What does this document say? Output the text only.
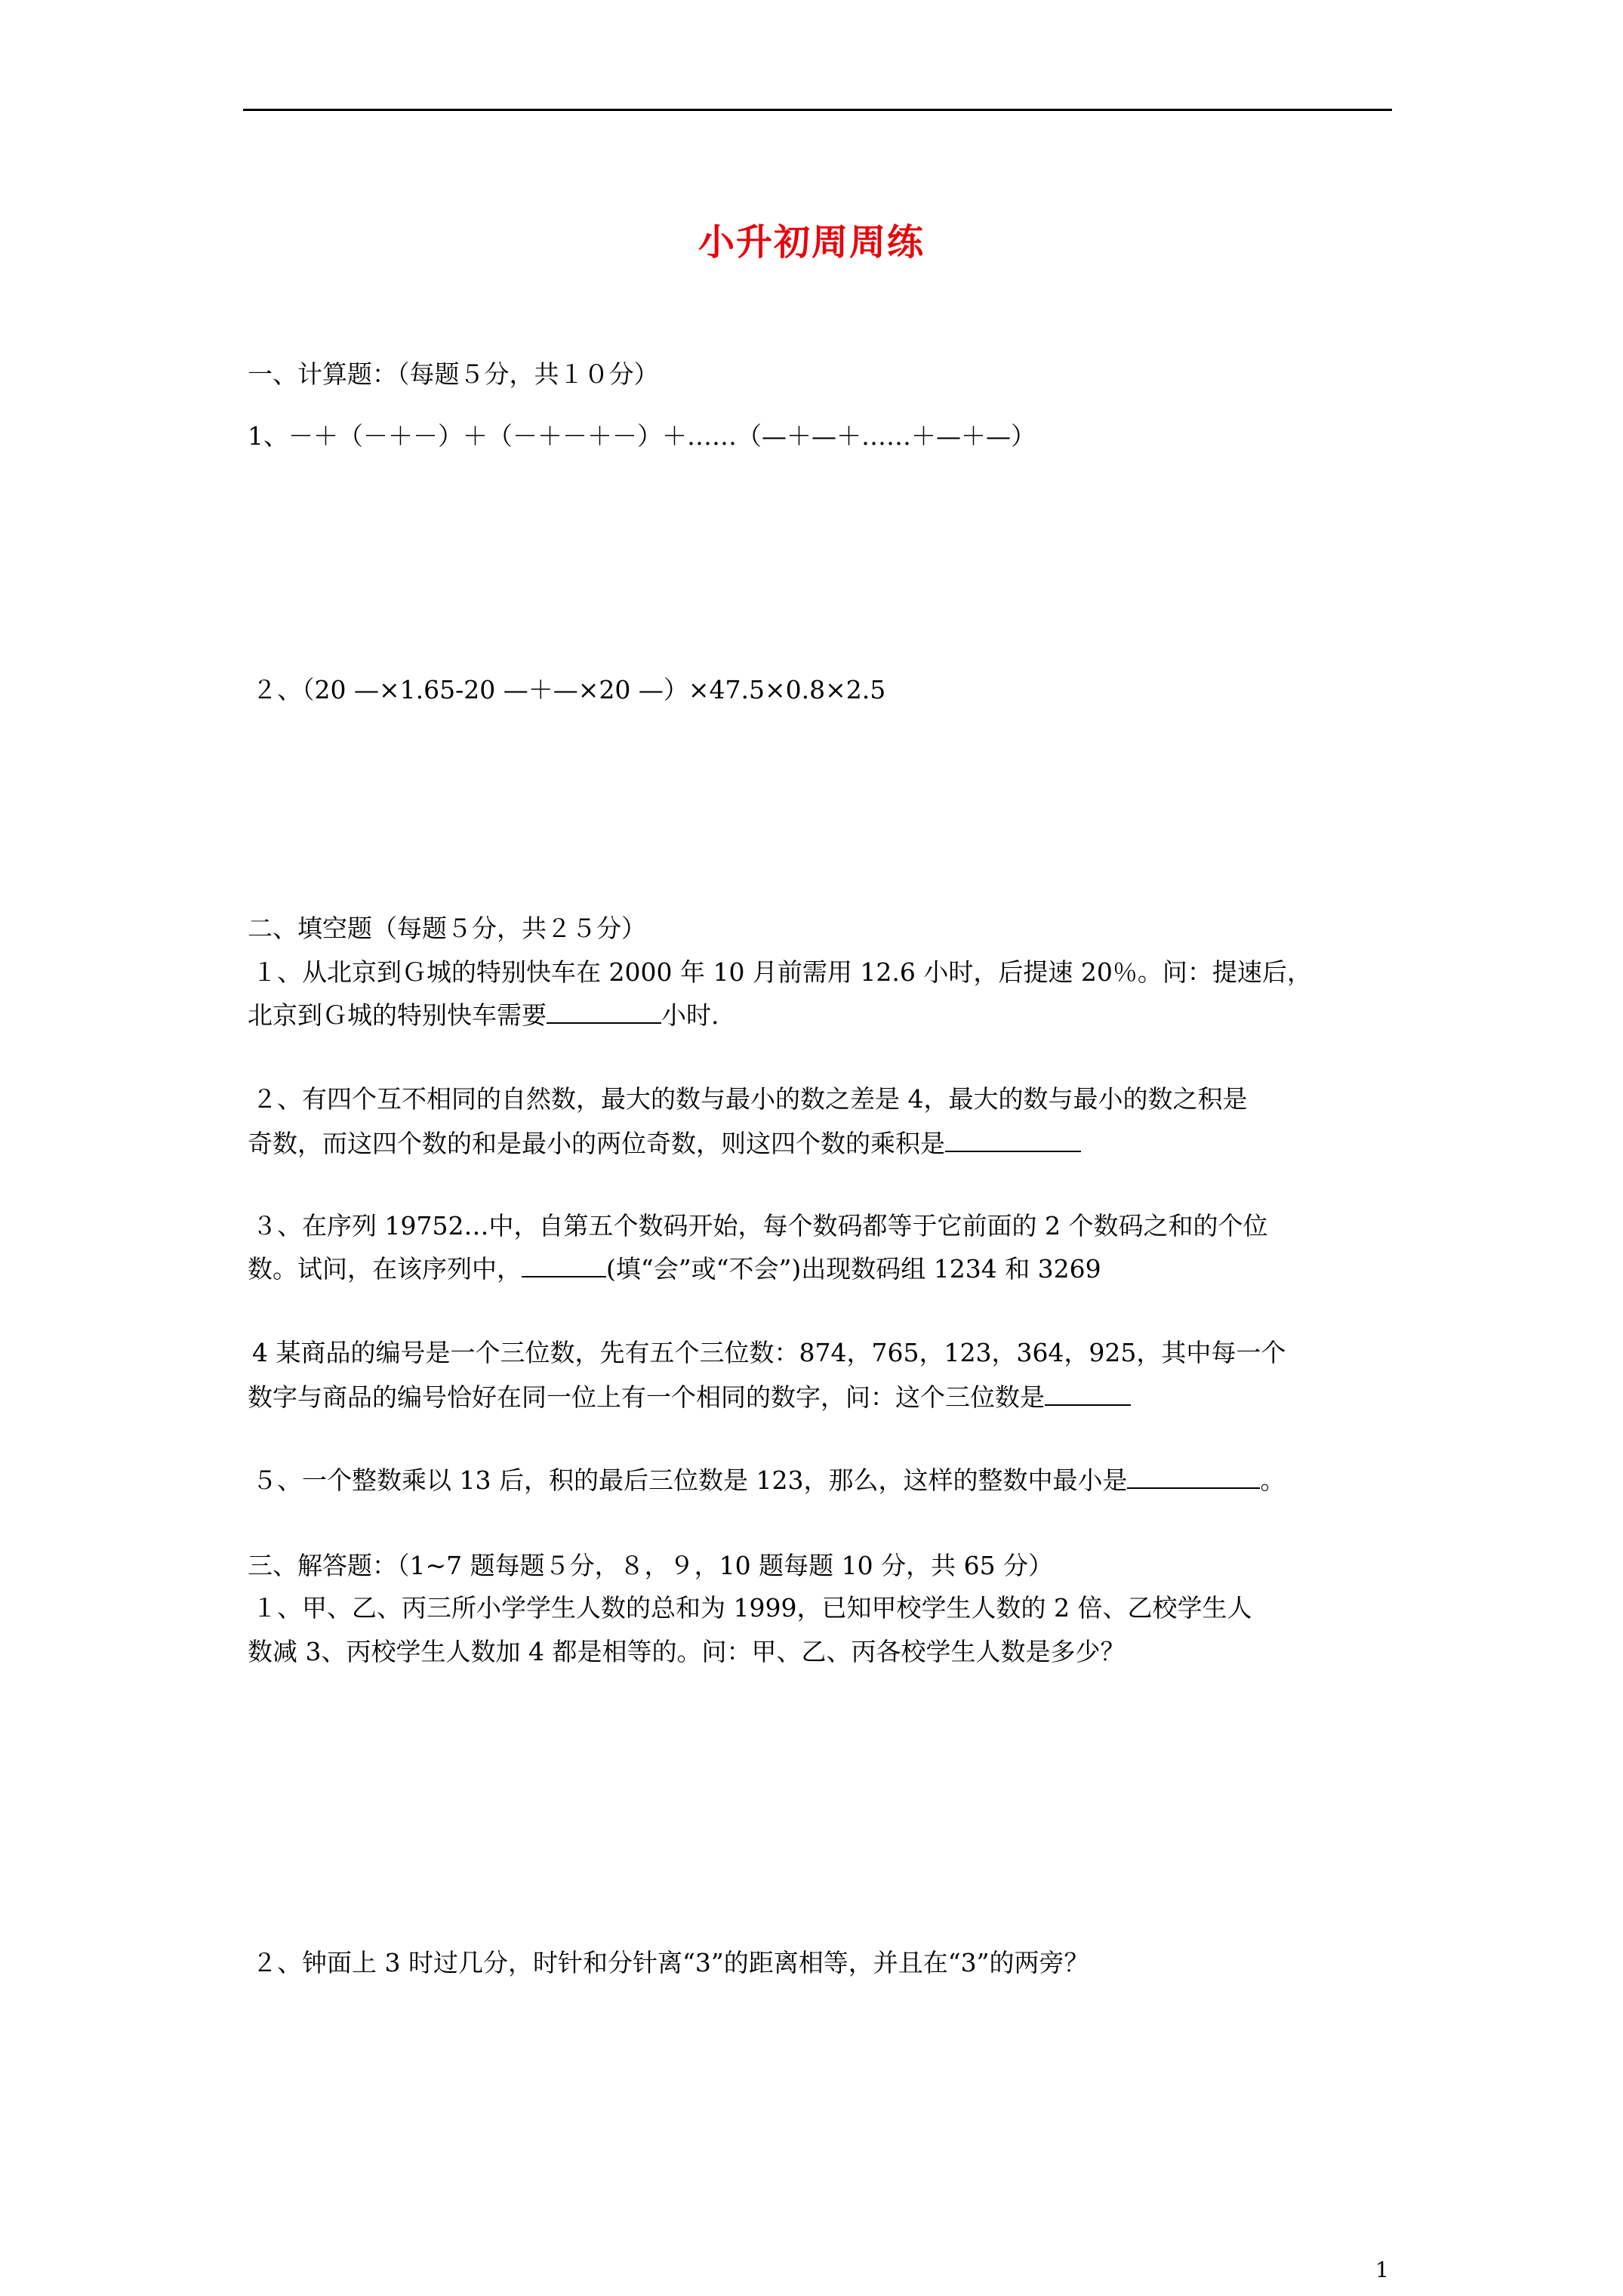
小升初周周练
一、计算题：（每题５分，共１０分）
1、－＋（－＋－）＋（－＋－＋－）＋……（—＋—＋……＋—＋—）
２、（20 —×1.65-20 —＋—×20 —）×47.5×0.8×2.5
二、填空题（每题５分，共２５分）
１、从北京到Ｇ城的特别快车在 2000 年 10 月前需用 12.6 小时，后提速 20％。问：提速后，
北京到Ｇ城的特别快车需要	小时.
２、有四个互不相同的自然数，最大的数与最小的数之差是 4，最大的数与最小的数之积是
奇数，而这四个数的和是最小的两位奇数，则这四个数的乘积是
３、在序列 19752…中，自第五个数码开始，每个数码都等于它前面的 2 个数码之和的个位
数。试问，在该序列中，	(填“会”或“不会”)出现数码组 1234 和 3269
4 某商品的编号是一个三位数，先有五个三位数：874，765，123，364，925，其中每一个
数字与商品的编号恰好在同一位上有一个相同的数字，问：这个三位数是
５、一个整数乘以 13 后，积的最后三位数是 123，那么，这样的整数中最小是	。
三、解答题：（1~7 题每题５分，８，９，10 题每题 10 分，共 65 分）
１、甲、乙、丙三所小学学生人数的总和为 1999，已知甲校学生人数的 2 倍、乙校学生人
数减 3、丙校学生人数加 4 都是相等的。问：甲、乙、丙各校学生人数是多少？
２、钟面上 3 时过几分，时针和分针离“3”的距离相等，并且在“3”的两旁？
1
